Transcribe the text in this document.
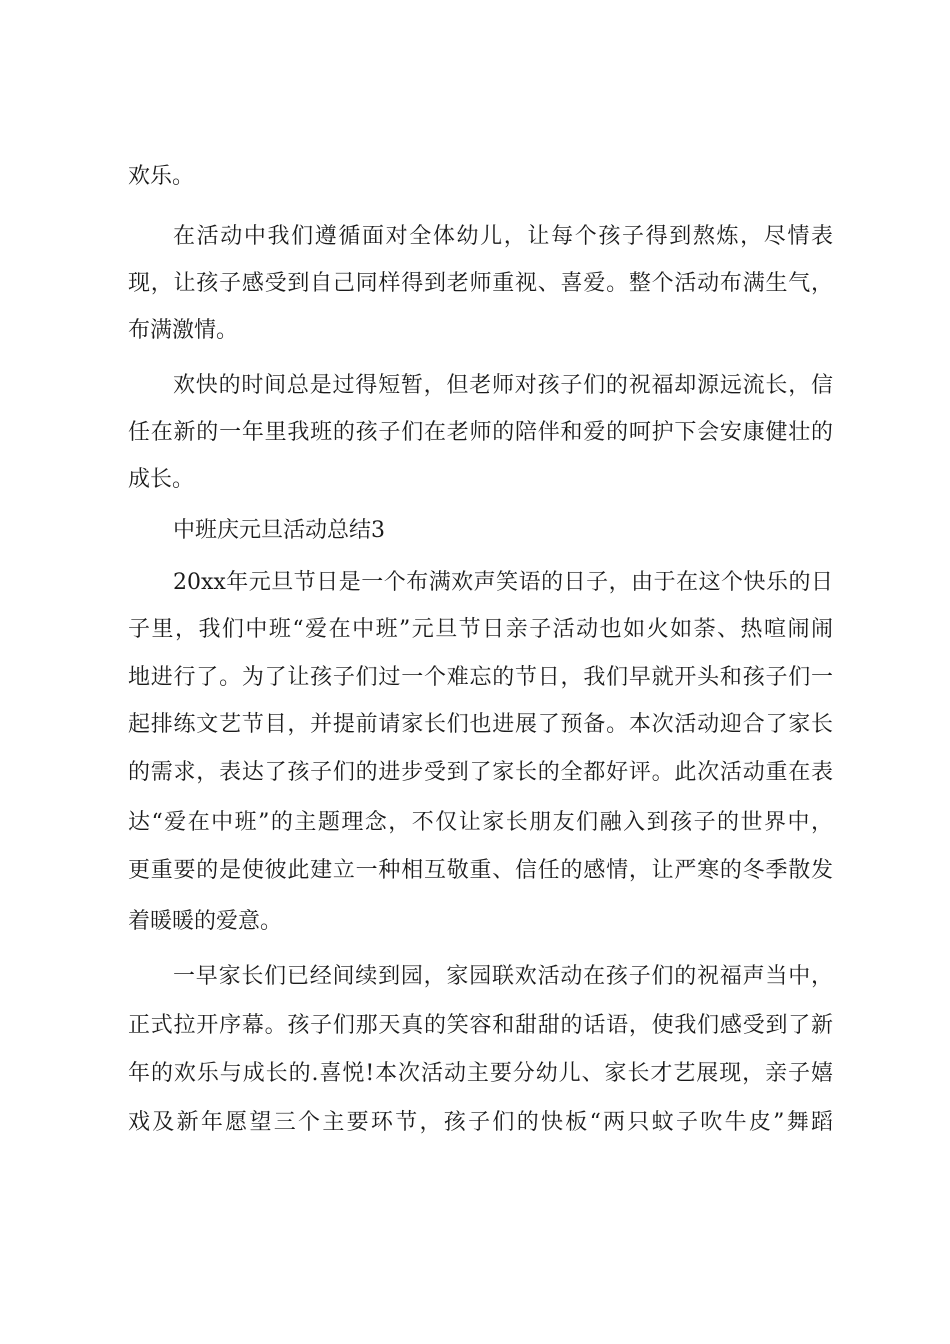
欢乐。
在活动中我们遵循面对全体幼儿，让每个孩子得到熬炼，尽情表
现，让孩子感受到自己同样得到老师重视、喜爱。整个活动布满生气，
布满激情。
欢快的时间总是过得短暂，但老师对孩子们的祝福却源远流长，信
任在新的一年里我班的孩子们在老师的陪伴和爱的呵护下会安康健壮的
成长。
中班庆元旦活动总结3
20xx年元旦节日是一个布满欢声笑语的日子，由于在这个快乐的日
子里，我们中班“爱在中班”元旦节日亲子活动也如火如荼、热喧闹闹
地进行了。为了让孩子们过一个难忘的节日，我们早就开头和孩子们一
起排练文艺节目，并提前请家长们也进展了预备。本次活动迎合了家长
的需求，表达了孩子们的进步受到了家长的全都好评。此次活动重在表
达“爱在中班”的主题理念，不仅让家长朋友们融入到孩子的世界中，
更重要的是使彼此建立一种相互敬重、信任的感情，让严寒的冬季散发
着暖暖的爱意。
一早家长们已经间续到园，家园联欢活动在孩子们的祝福声当中，
正式拉开序幕。孩子们那天真的笑容和甜甜的话语，使我们感受到了新
年的欢乐与成长的.喜悦!本次活动主要分幼儿、家长才艺展现，亲子嬉
戏及新年愿望三个主要环节，孩子们的快板“两只蚊子吹牛皮”舞蹈
